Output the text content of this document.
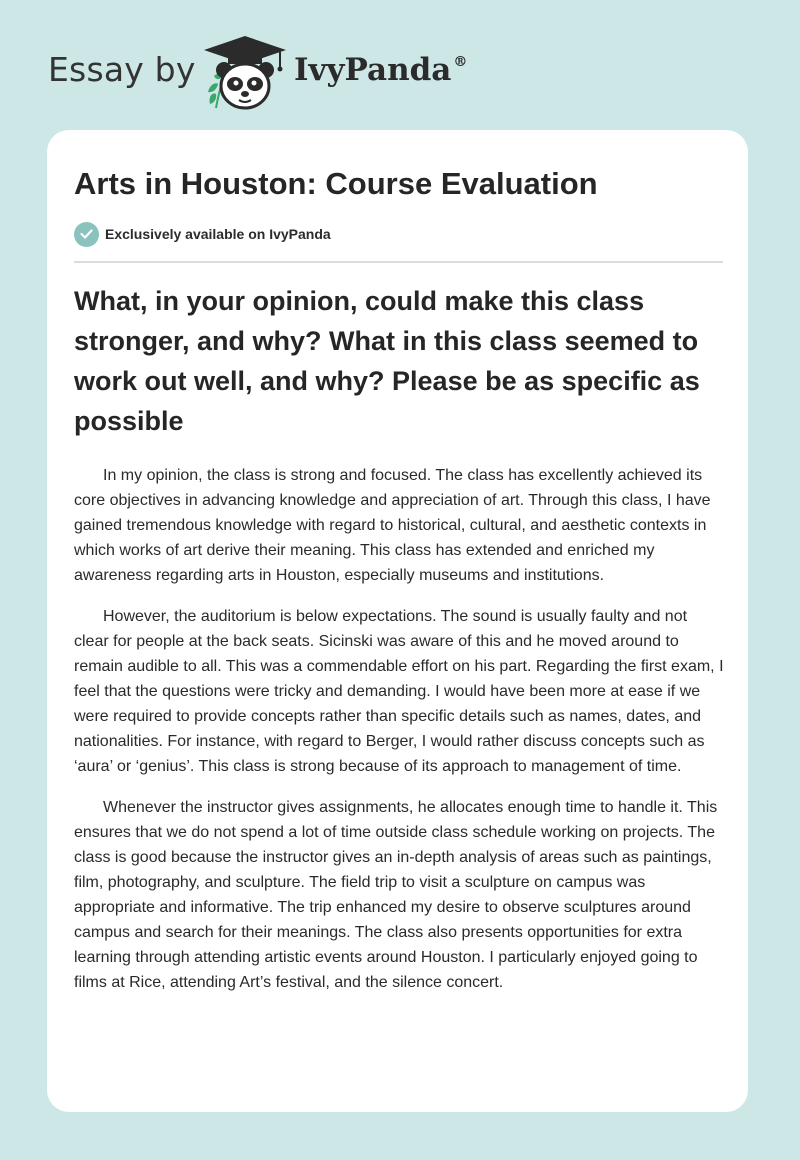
Essay by	IvyPanda ®
Arts in Houston: Course Evaluation
Exclusively available on IvyPanda
What, in your opinion, could make this class stronger, and why? What in this class seemed to work out well, and why? Please be as specific as possible

In my opinion, the class is strong and focused. The class has excellently achieved its core objectives in advancing knowledge and appreciation of art. Through this class, I have gained tremendous knowledge with regard to historical, cultural, and aesthetic contexts in which works of art derive their meaning. This class has extended and enriched my awareness regarding arts in Houston, especially museums and institutions.

However, the auditorium is below expectations. The sound is usually faulty and not clear for people at the back seats. Sicinski was aware of this and he moved around to remain audible to all. This was a commendable effort on his part. Regarding the first exam, I feel that the questions were tricky and demanding. I would have been more at ease if we were required to provide concepts rather than specific details such as names, dates, and nationalities. For instance, with regard to Berger, I would rather discuss concepts such as ‘aura’ or ‘genius’. This class is strong because of its approach to management of time.

Whenever the instructor gives assignments, he allocates enough time to handle it. This ensures that we do not spend a lot of time outside class schedule working on projects. The class is good because the instructor gives an in-depth analysis of areas such as paintings, film, photography, and sculpture. The field trip to visit a sculpture on campus was appropriate and informative. The trip enhanced my desire to observe sculptures around campus and search for their meanings. The class also presents opportunities for extra learning through attending artistic events around Houston. I particularly enjoyed going to films at Rice, attending Art’s festival, and the silence concert.
